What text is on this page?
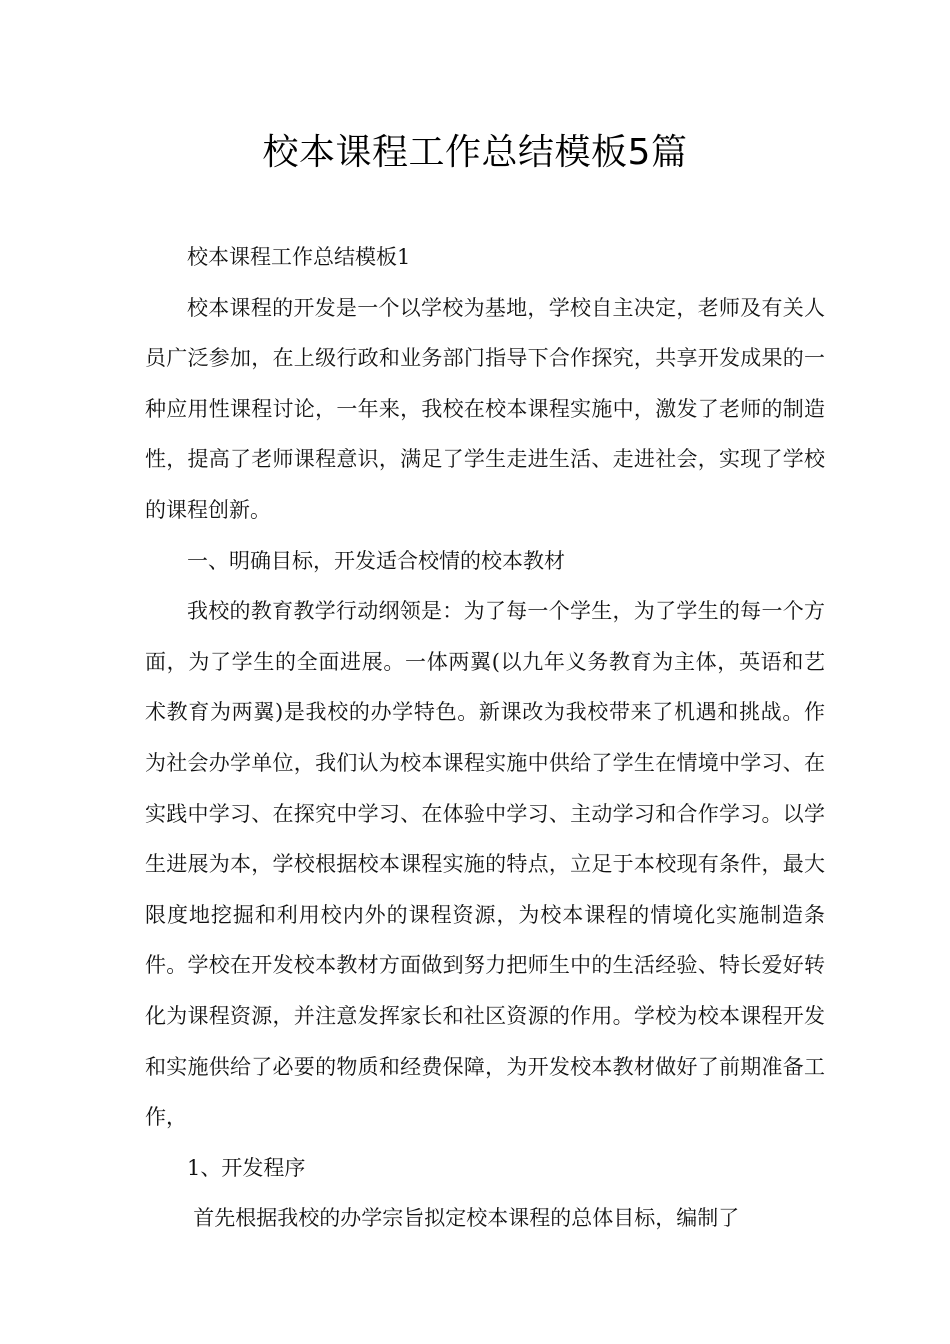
校本课程工作总结模板5篇

校本课程工作总结模板1

校本课程的开发是一个以学校为基地，学校自主决定，老师及有关人员广泛参加，在上级行政和业务部门指导下合作探究，共享开发成果的一种应用性课程讨论，一年来，我校在校本课程实施中，激发了老师的制造性，提高了老师课程意识，满足了学生走进生活、走进社会，实现了学校的课程创新。

一、明确目标，开发适合校情的校本教材

我校的教育教学行动纲领是：为了每一个学生，为了学生的每一个方面，为了学生的全面进展。一体两翼(以九年义务教育为主体，英语和艺术教育为两翼)是我校的办学特色。新课改为我校带来了机遇和挑战。作为社会办学单位，我们认为校本课程实施中供给了学生在情境中学习、在实践中学习、在探究中学习、在体验中学习、主动学习和合作学习。以学生进展为本，学校根据校本课程实施的特点，立足于本校现有条件，最大限度地挖掘和利用校内外的课程资源，为校本课程的情境化实施制造条件。学校在开发校本教材方面做到努力把师生中的生活经验、特长爱好转化为课程资源，并注意发挥家长和社区资源的作用。学校为校本课程开发和实施供给了必要的物质和经费保障，为开发校本教材做好了前期准备工作，

1、开发程序

首先根据我校的办学宗旨拟定校本课程的总体目标，编制了
